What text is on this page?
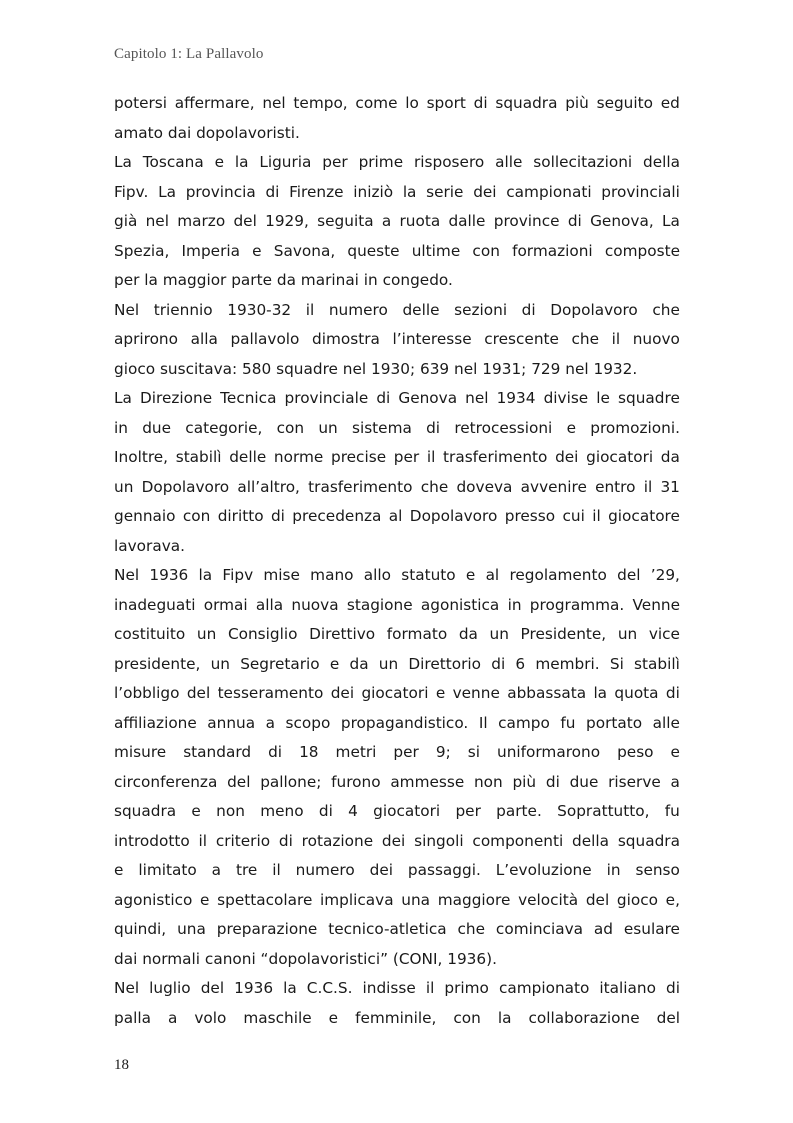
Capitolo 1: La Pallavolo
potersi affermare, nel tempo, come lo sport di squadra più seguito ed
amato dai dopolavoristi.
La Toscana e la Liguria per prime risposero alle sollecitazioni della
Fipv. La provincia di Firenze iniziò la serie dei campionati provinciali
già nel marzo del 1929, seguita a ruota dalle province di Genova, La
Spezia, Imperia e Savona, queste ultime con formazioni composte
per la maggior parte da marinai in congedo.
Nel triennio 1930-32 il numero delle sezioni di Dopolavoro che
aprirono alla pallavolo dimostra l’interesse crescente che il nuovo
gioco suscitava: 580 squadre nel 1930; 639 nel 1931; 729 nel 1932.
La Direzione Tecnica provinciale di Genova nel 1934 divise le squadre
in due categorie, con un sistema di retrocessioni e promozioni.
Inoltre, stabilì delle norme precise per il trasferimento dei giocatori da
un Dopolavoro all’altro, trasferimento che doveva avvenire entro il 31
gennaio con diritto di precedenza al Dopolavoro presso cui il giocatore
lavorava.
Nel 1936 la Fipv mise mano allo statuto e al regolamento del ’29,
inadeguati ormai alla nuova stagione agonistica in programma. Venne
costituito un Consiglio Direttivo formato da un Presidente, un vice
presidente, un Segretario e da un Direttorio di 6 membri. Si stabilì
l’obbligo del tesseramento dei giocatori e venne abbassata la quota di
affiliazione annua a scopo propagandistico. Il campo fu portato alle
misure standard di 18 metri per 9; si uniformarono peso e
circonferenza del pallone; furono ammesse non più di due riserve a
squadra e non meno di 4 giocatori per parte. Soprattutto, fu
introdotto il criterio di rotazione dei singoli componenti della squadra
e limitato a tre il numero dei passaggi. L’evoluzione in senso
agonistico e spettacolare implicava una maggiore velocità del gioco e,
quindi, una preparazione tecnico-atletica che cominciava ad esulare
dai normali canoni “dopolavoristici” (CONI, 1936).
Nel luglio del 1936 la C.C.S. indisse il primo campionato italiano di
palla a volo maschile e femminile, con la collaborazione del
18
